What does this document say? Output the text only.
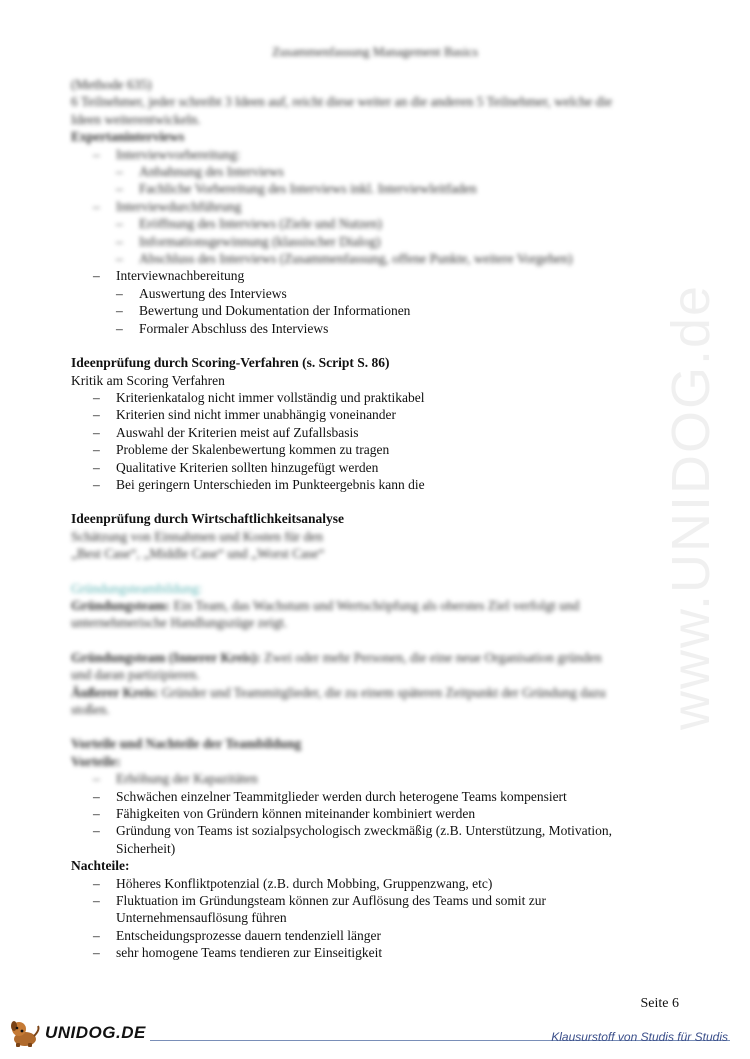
Zusammenfassung Management Basics
www.UNIDOG.de
(Methode 635)
6 Teilnehmer, jeder schreibt 3 Ideen auf, reicht diese weiter an die anderen 5 Teilnehmer, welche die
Ideen weiterentwickeln.
Expertaninterviews
– Interviewvorbereitung:
– Anbahnung des Interviews
– Fachliche Vorbereitung des Interviews inkl. Interviewleitfaden
– Interviewdurchführung
– Eröffnung des Interviews (Ziele und Nutzen)
– Informationsgewinnung (klassischer Dialog)
– Abschluss des Interviews (Zusammenfassung, offene Punkte, weitere Vorgehen)
– Interviewnachbereitung
– Auswertung des Interviews
– Bewertung und Dokumentation der Informationen
– Formaler Abschluss des Interviews
Ideenprüfung durch Scoring-Verfahren (s. Script S. 86)
Kritik am Scoring Verfahren
– Kriterienkatalog nicht immer vollständig und praktikabel
– Kriterien sind nicht immer unabhängig voneinander
– Auswahl der Kriterien meist auf Zufallsbasis
– Probleme der Skalenbewertung kommen zu tragen
– Qualitative Kriterien sollten hinzugefügt werden
– Bei geringern Unterschieden im Punkteergebnis kann die
Ideenprüfung durch Wirtschaftlichkeitsanalyse
Schätzung von Einnahmen und Kosten für den
„Best Case“, „Middle Case“ und „Worst Case“
Gründungsteambildung:
Gründungsteam: Ein Team, das Wachstum und Wertschöpfung als oberstes Ziel verfolgt und
unternehmerische Handlungszüge zeigt.
Gründungsteam (Innerer Kreis): Zwei oder mehr Personen, die eine neue Organisation gründen
und daran partizipieren.
Äußerer Kreis: Gründer und Teammitglieder, die zu einem späteren Zeitpunkt der Gründung dazu
stoßen.
Vorteile und Nachteile der Teambildung
Vorteile:
– Erhöhung der Kapazitäten
– Schwächen einzelner Teammitglieder werden durch heterogene Teams kompensiert
– Fähigkeiten von Gründern können miteinander kombiniert werden
– Gründung von Teams ist sozialpsychologisch zweckmäßig (z.B. Unterstützung, Motivation,
Sicherheit)
Nachteile:
– Höheres Konfliktpotenzial (z.B. durch Mobbing, Gruppenzwang, etc)
– Fluktuation im Gründungsteam können zur Auflösung des Teams und somit zur
Unternehmensauflösung führen
– Entscheidungsprozesse dauern tendenziell länger
– sehr homogene Teams tendieren zur Einseitigkeit
Seite 6
UNIDOG.DE	Klausurstoff von Studis für Studis
